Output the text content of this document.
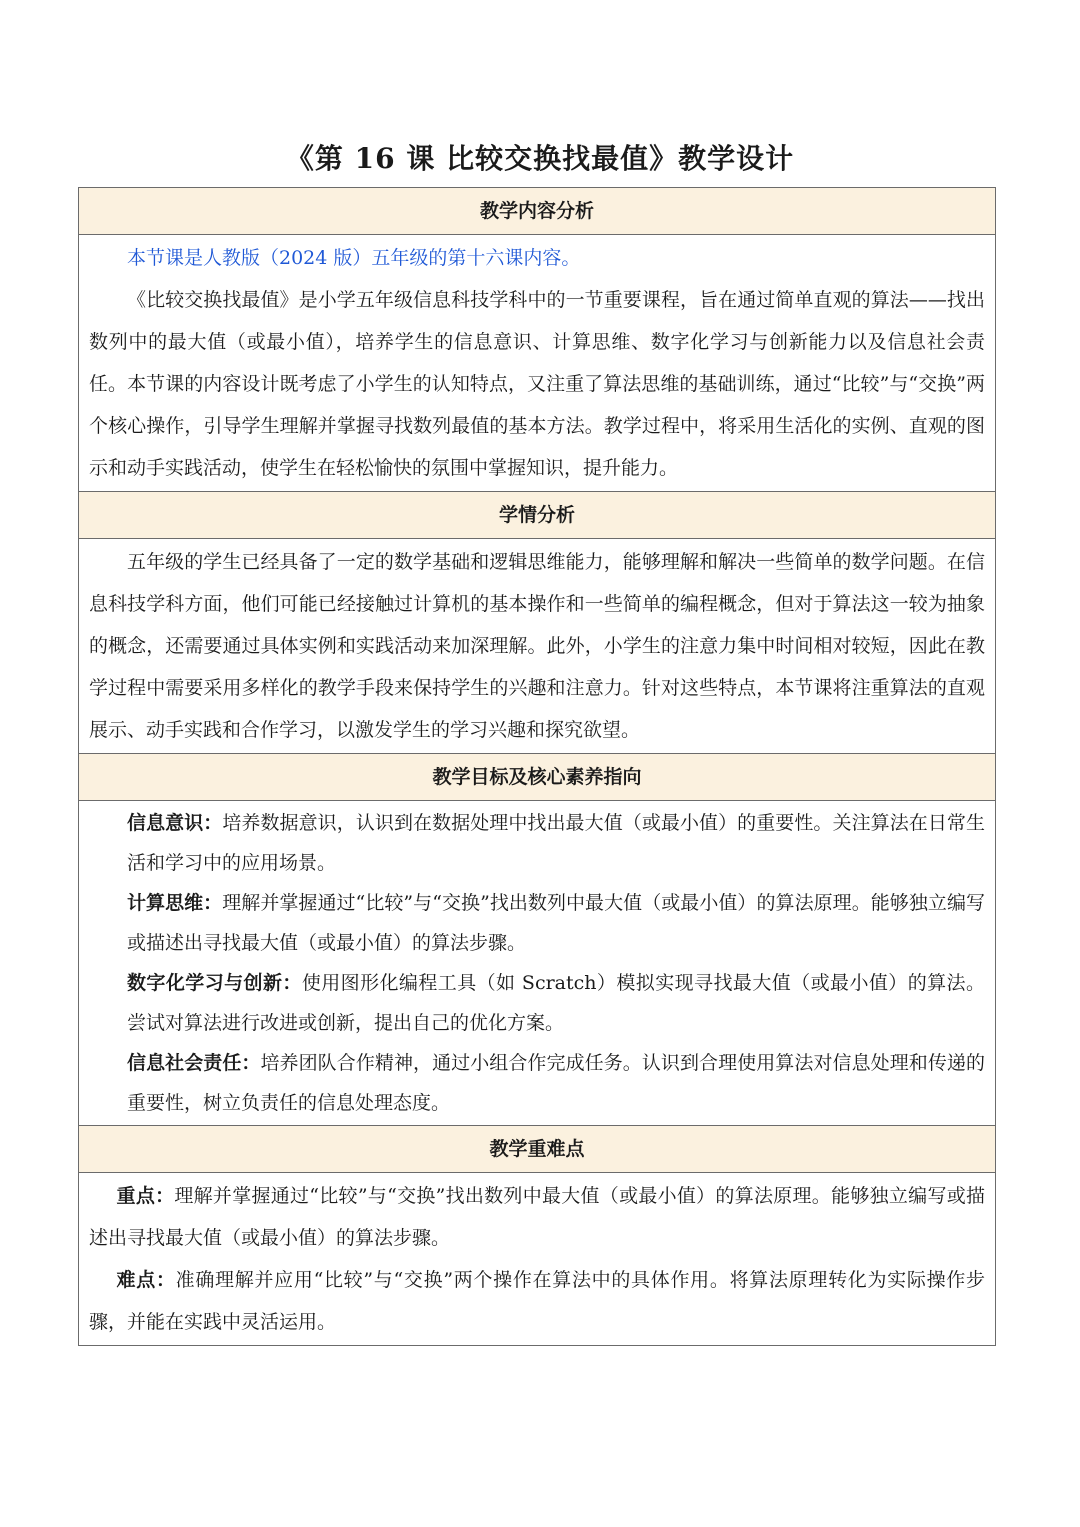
《第 16 课 比较交换找最值》教学设计
教学内容分析

本节课是人教版（2024 版）五年级的第十六课内容。

《比较交换找最值》是小学五年级信息科技学科中的一节重要课程，旨在通过简单直观的算法——找出数列中的最大值（或最小值），培养学生的信息意识、计算思维、数字化学习与创新能力以及信息社会责任。本节课的内容设计既考虑了小学生的认知特点，又注重了算法思维的基础训练，通过“比较”与“交换”两个核心操作，引导学生理解并掌握寻找数列最值的基本方法。教学过程中，将采用生活化的实例、直观的图示和动手实践活动，使学生在轻松愉快的氛围中掌握知识，提升能力。

学情分析

五年级的学生已经具备了一定的数学基础和逻辑思维能力，能够理解和解决一些简单的数学问题。在信息科技学科方面，他们可能已经接触过计算机的基本操作和一些简单的编程概念，但对于算法这一较为抽象的概念，还需要通过具体实例和实践活动来加深理解。此外，小学生的注意力集中时间相对较短，因此在教学过程中需要采用多样化的教学手段来保持学生的兴趣和注意力。针对这些特点，本节课将注重算法的直观展示、动手实践和合作学习，以激发学生的学习兴趣和探究欲望。

教学目标及核心素养指向

信息意识：培养数据意识，认识到在数据处理中找出最大值（或最小值）的重要性。关注算法在日常生活和学习中的应用场景。

计算思维：理解并掌握通过“比较”与“交换”找出数列中最大值（或最小值）的算法原理。能够独立编写或描述出寻找最大值（或最小值）的算法步骤。

数字化学习与创新：使用图形化编程工具（如 Scratch）模拟实现寻找最大值（或最小值）的算法。尝试对算法进行改进或创新，提出自己的优化方案。

信息社会责任：培养团队合作精神，通过小组合作完成任务。认识到合理使用算法对信息处理和传递的重要性，树立负责任的信息处理态度。

教学重难点

重点：理解并掌握通过“比较”与“交换”找出数列中最大值（或最小值）的算法原理。能够独立编写或描述出寻找最大值（或最小值）的算法步骤。

难点：准确理解并应用“比较”与“交换”两个操作在算法中的具体作用。将算法原理转化为实际操作步骤，并能在实践中灵活运用。
